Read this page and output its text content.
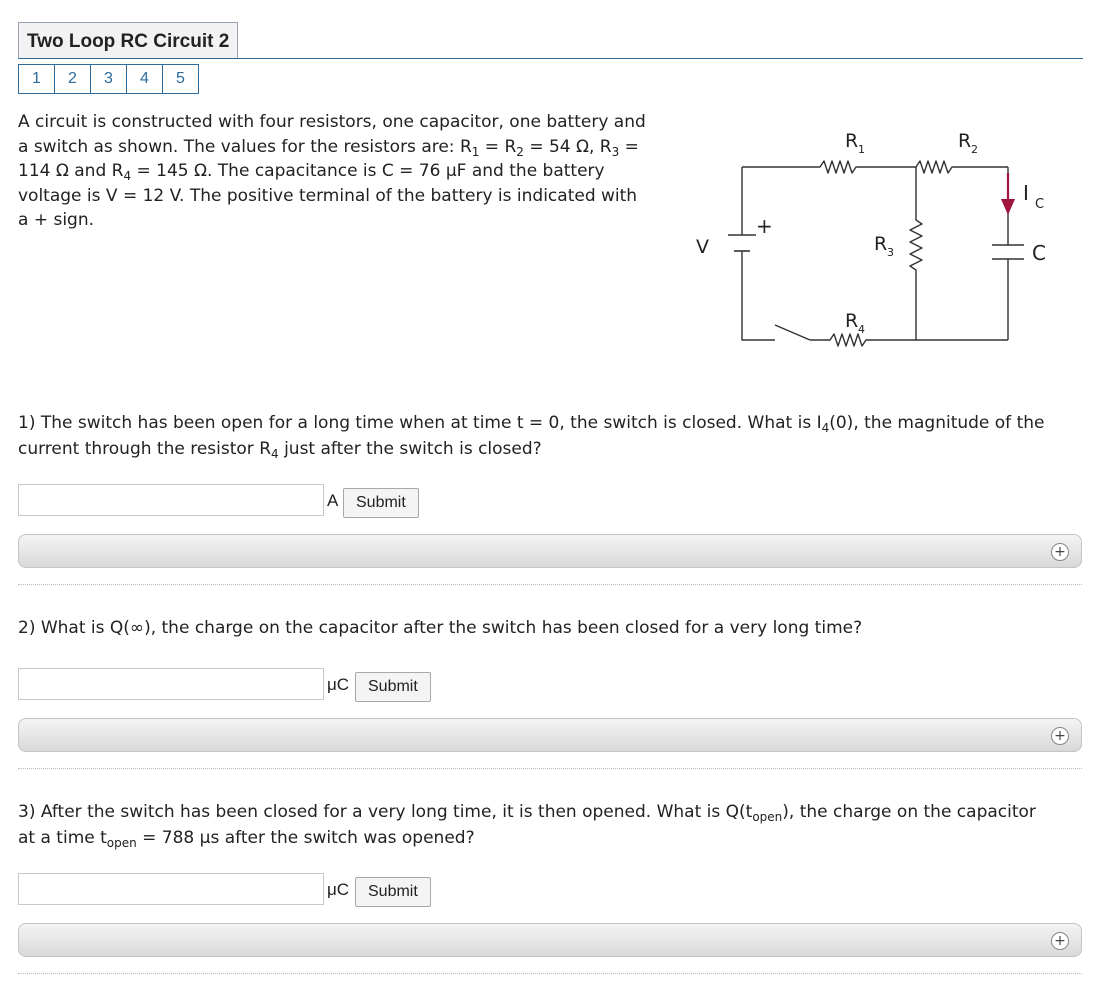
Two Loop RC Circuit 2
1	2	3	4	5
A circuit is constructed with four resistors, one capacitor, one battery and
a switch as shown. The values for the resistors are: $R_1 = R_2 = 54$ Ω, $R_3$ =
114 Ω and $R_4 = 145$ Ω. The capacitance is C = 76 μF and the battery
voltage is V = 12 V. The positive terminal of the battery is indicated with
a + sign.
R 1	R 2
R 3
R 4
V
+
I C
C
1) The switch has been open for a long time when at time t = 0, the switch is closed. What is $I_4(0)$, the magnitude of the
current through the resistor $R_4$ just after the switch is closed?
A	Submit
+
2) What is Q(∞), the charge on the capacitor after the switch has been closed for a very long time?
μC	Submit
+
3) After the switch has been closed for a very long time, it is then opened. What is $Q(t_{open})$, the charge on the capacitor
at a time $t_{open} = 788$ μs after the switch was opened?
μC	Submit
+
